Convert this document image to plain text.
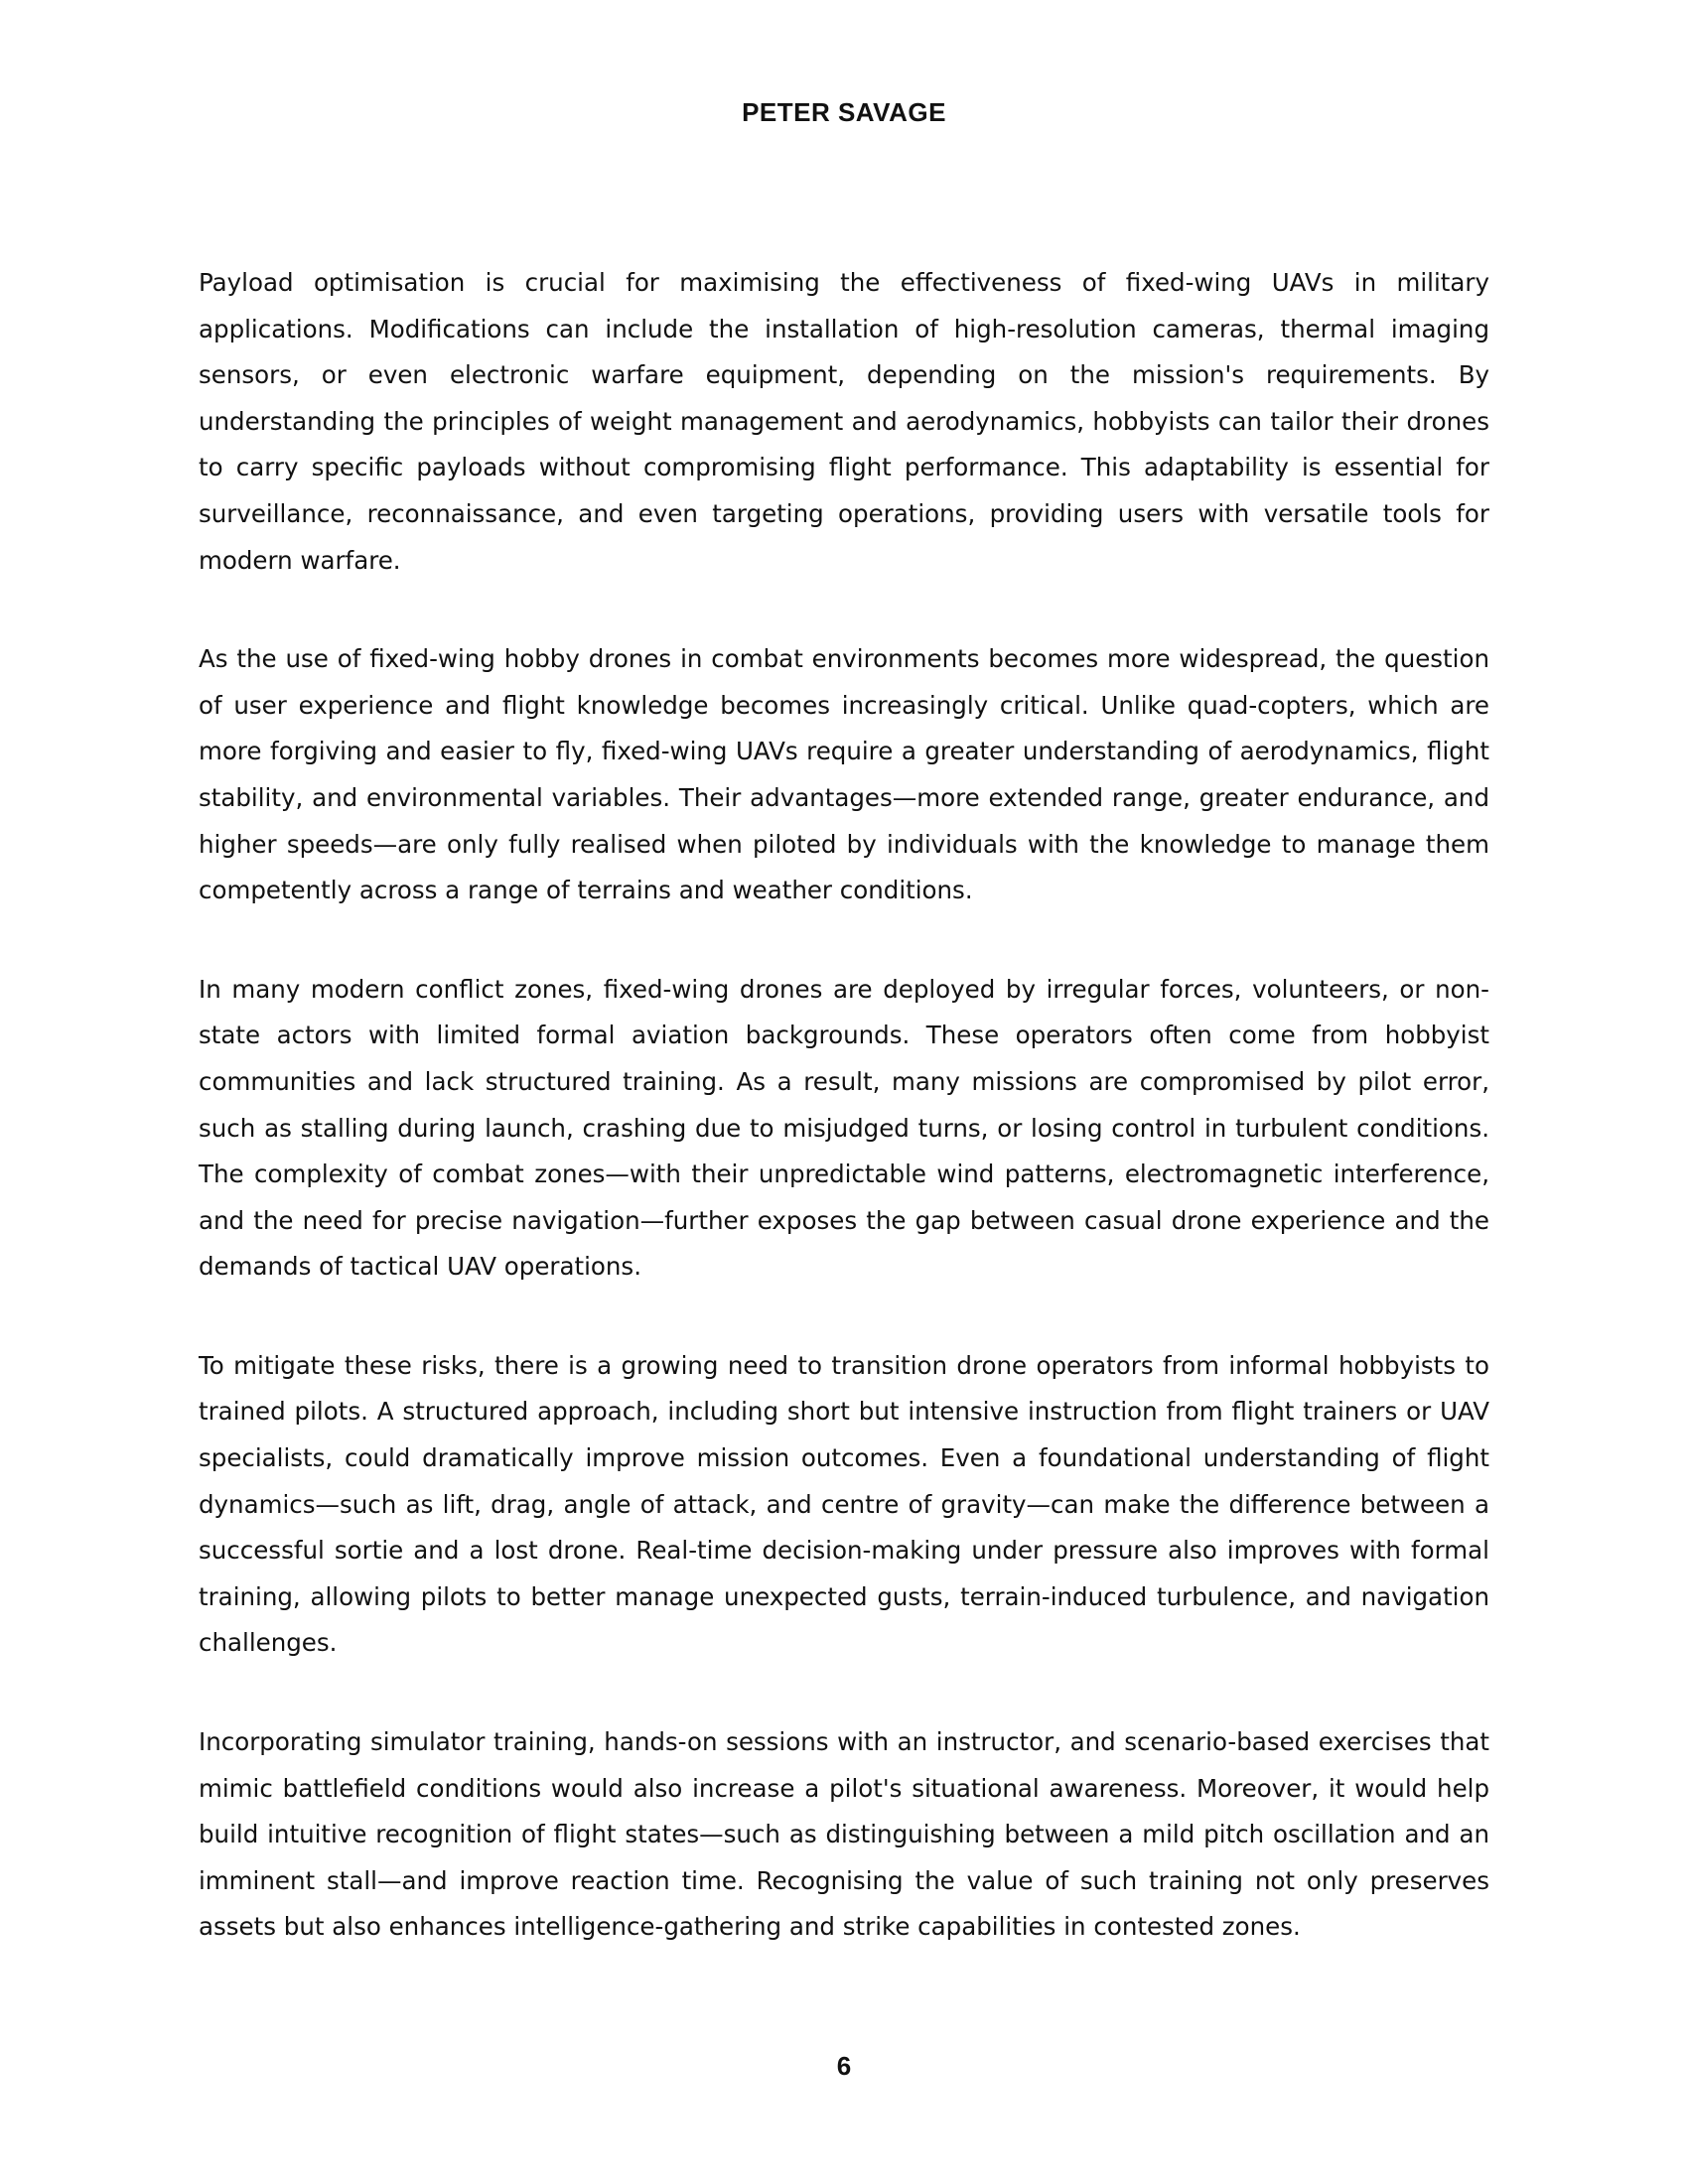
PETER SAVAGE

Payload optimisation is crucial for maximising the effectiveness of fixed-wing UAVs in military applications. Modifications can include the installation of high-resolution cameras, thermal imaging sensors, or even electronic warfare equipment, depending on the mission's requirements. By understanding the principles of weight management and aerodynamics, hobbyists can tailor their drones to carry specific payloads without compromising flight performance. This adaptability is essential for surveillance, reconnaissance, and even targeting operations, providing users with versatile tools for modern warfare.

As the use of fixed-wing hobby drones in combat environments becomes more widespread, the question of user experience and flight knowledge becomes increasingly critical. Unlike quad-copters, which are more forgiving and easier to fly, fixed-wing UAVs require a greater understanding of aerodynamics, flight stability, and environmental variables. Their advantages—more extended range, greater endurance, and higher speeds—are only fully realised when piloted by individuals with the knowledge to manage them competently across a range of terrains and weather conditions.

In many modern conflict zones, fixed-wing drones are deployed by irregular forces, volunteers, or non-state actors with limited formal aviation backgrounds. These operators often come from hobbyist communities and lack structured training. As a result, many missions are compromised by pilot error, such as stalling during launch, crashing due to misjudged turns, or losing control in turbulent conditions. The complexity of combat zones—with their unpredictable wind patterns, electromagnetic interference, and the need for precise navigation—further exposes the gap between casual drone experience and the demands of tactical UAV operations.

To mitigate these risks, there is a growing need to transition drone operators from informal hobbyists to trained pilots. A structured approach, including short but intensive instruction from flight trainers or UAV specialists, could dramatically improve mission outcomes. Even a foundational understanding of flight dynamics—such as lift, drag, angle of attack, and centre of gravity—can make the difference between a successful sortie and a lost drone. Real-time decision-making under pressure also improves with formal training, allowing pilots to better manage unexpected gusts, terrain-induced turbulence, and navigation challenges.

Incorporating simulator training, hands-on sessions with an instructor, and scenario-based exercises that mimic battlefield conditions would also increase a pilot's situational awareness. Moreover, it would help build intuitive recognition of flight states—such as distinguishing between a mild pitch oscillation and an imminent stall—and improve reaction time. Recognising the value of such training not only preserves assets but also enhances intelligence-gathering and strike capabilities in contested zones.

6
